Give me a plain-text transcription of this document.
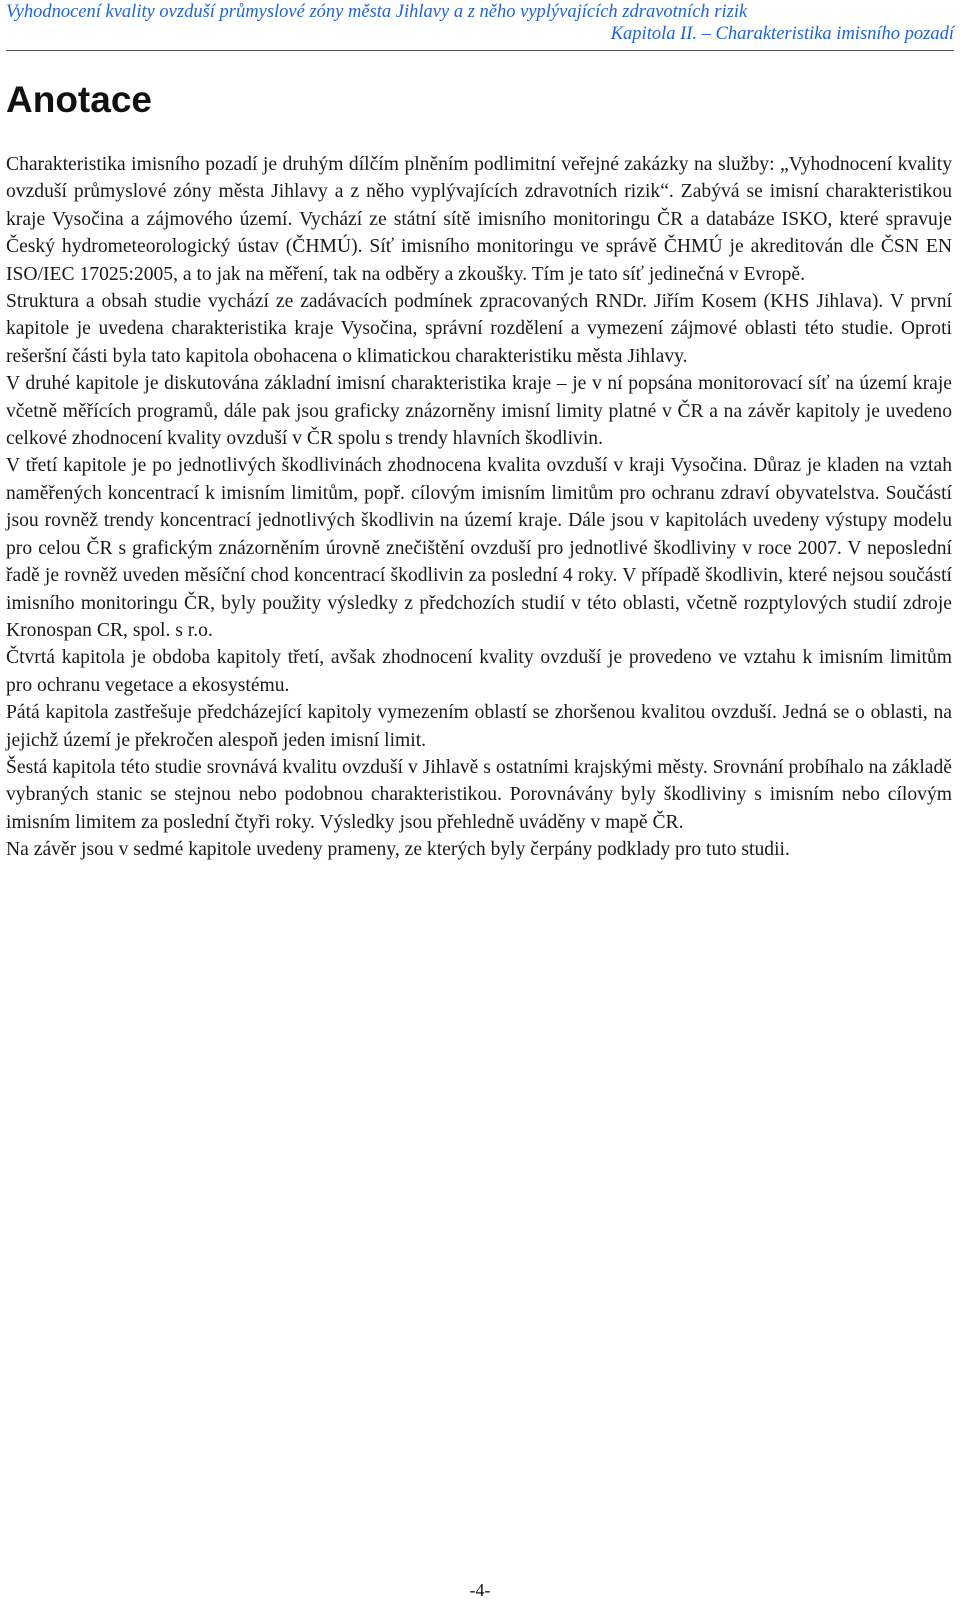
Vyhodnocení kvality ovzduší průmyslové zóny města Jihlavy a z něho vyplývajících zdravotních rizik
Kapitola II. – Charakteristika imisního pozadí
Anotace

Charakteristika imisního pozadí je druhým dílčím plněním podlimitní veřejné zakázky na služby: „Vyhodnocení kvality ovzduší průmyslové zóny města Jihlavy a z něho vyplývajících zdravotních rizik“. Zabývá se imisní charakteristikou kraje Vysočina a zájmového území. Vychází ze státní sítě imisního monitoringu ČR a databáze ISKO, které spravuje Český hydrometeorologický ústav (ČHMÚ). Síť imisního monitoringu ve správě ČHMÚ je akreditován dle ČSN EN ISO/IEC 17025:2005, a to jak na měření, tak na odběry a zkoušky. Tím je tato síť jedinečná v Evropě.

Struktura a obsah studie vychází ze zadávacích podmínek zpracovaných RNDr. Jiřím Kosem (KHS Jihlava). V první kapitole je uvedena charakteristika kraje Vysočina, správní rozdělení a vymezení zájmové oblasti této studie. Oproti rešeršní části byla tato kapitola obohacena o klimatickou charakteristiku města Jihlavy.

V druhé kapitole je diskutována základní imisní charakteristika kraje – je v ní popsána monitorovací síť na území kraje včetně měřících programů, dále pak jsou graficky znázorněny imisní limity platné v ČR a na závěr kapitoly je uvedeno celkové zhodnocení kvality ovzduší v ČR spolu s trendy hlavních škodlivin.

V třetí kapitole je po jednotlivých škodlivinách zhodnocena kvalita ovzduší v kraji Vysočina. Důraz je kladen na vztah naměřených koncentrací k imisním limitům, popř. cílovým imisním limitům pro ochranu zdraví obyvatelstva. Součástí jsou rovněž trendy koncentrací jednotlivých škodlivin na území kraje. Dále jsou v kapitolách uvedeny výstupy modelu pro celou ČR s grafickým znázorněním úrovně znečištění ovzduší pro jednotlivé škodliviny v roce 2007. V neposlední řadě je rovněž uveden měsíční chod koncentrací škodlivin za poslední 4 roky. V případě škodlivin, které nejsou součástí imisního monitoringu ČR, byly použity výsledky z předchozích studií v této oblasti, včetně rozptylových studií zdroje Kronospan CR, spol. s r.o.

Čtvrtá kapitola je obdoba kapitoly třetí, avšak zhodnocení kvality ovzduší je provedeno ve vztahu k imisním limitům pro ochranu vegetace a ekosystému.

Pátá kapitola zastřešuje předcházející kapitoly vymezením oblastí se zhoršenou kvalitou ovzduší. Jedná se o oblasti, na jejichž území je překročen alespoň jeden imisní limit.

Šestá kapitola této studie srovnává kvalitu ovzduší v Jihlavě s ostatními krajskými městy. Srovnání probíhalo na základě vybraných stanic se stejnou nebo podobnou charakteristikou. Porovnávány byly škodliviny s imisním nebo cílovým imisním limitem za poslední čtyři roky. Výsledky jsou přehledně uváděny v mapě ČR.

Na závěr jsou v sedmé kapitole uvedeny prameny, ze kterých byly čerpány podklady pro tuto studii.

-4-
